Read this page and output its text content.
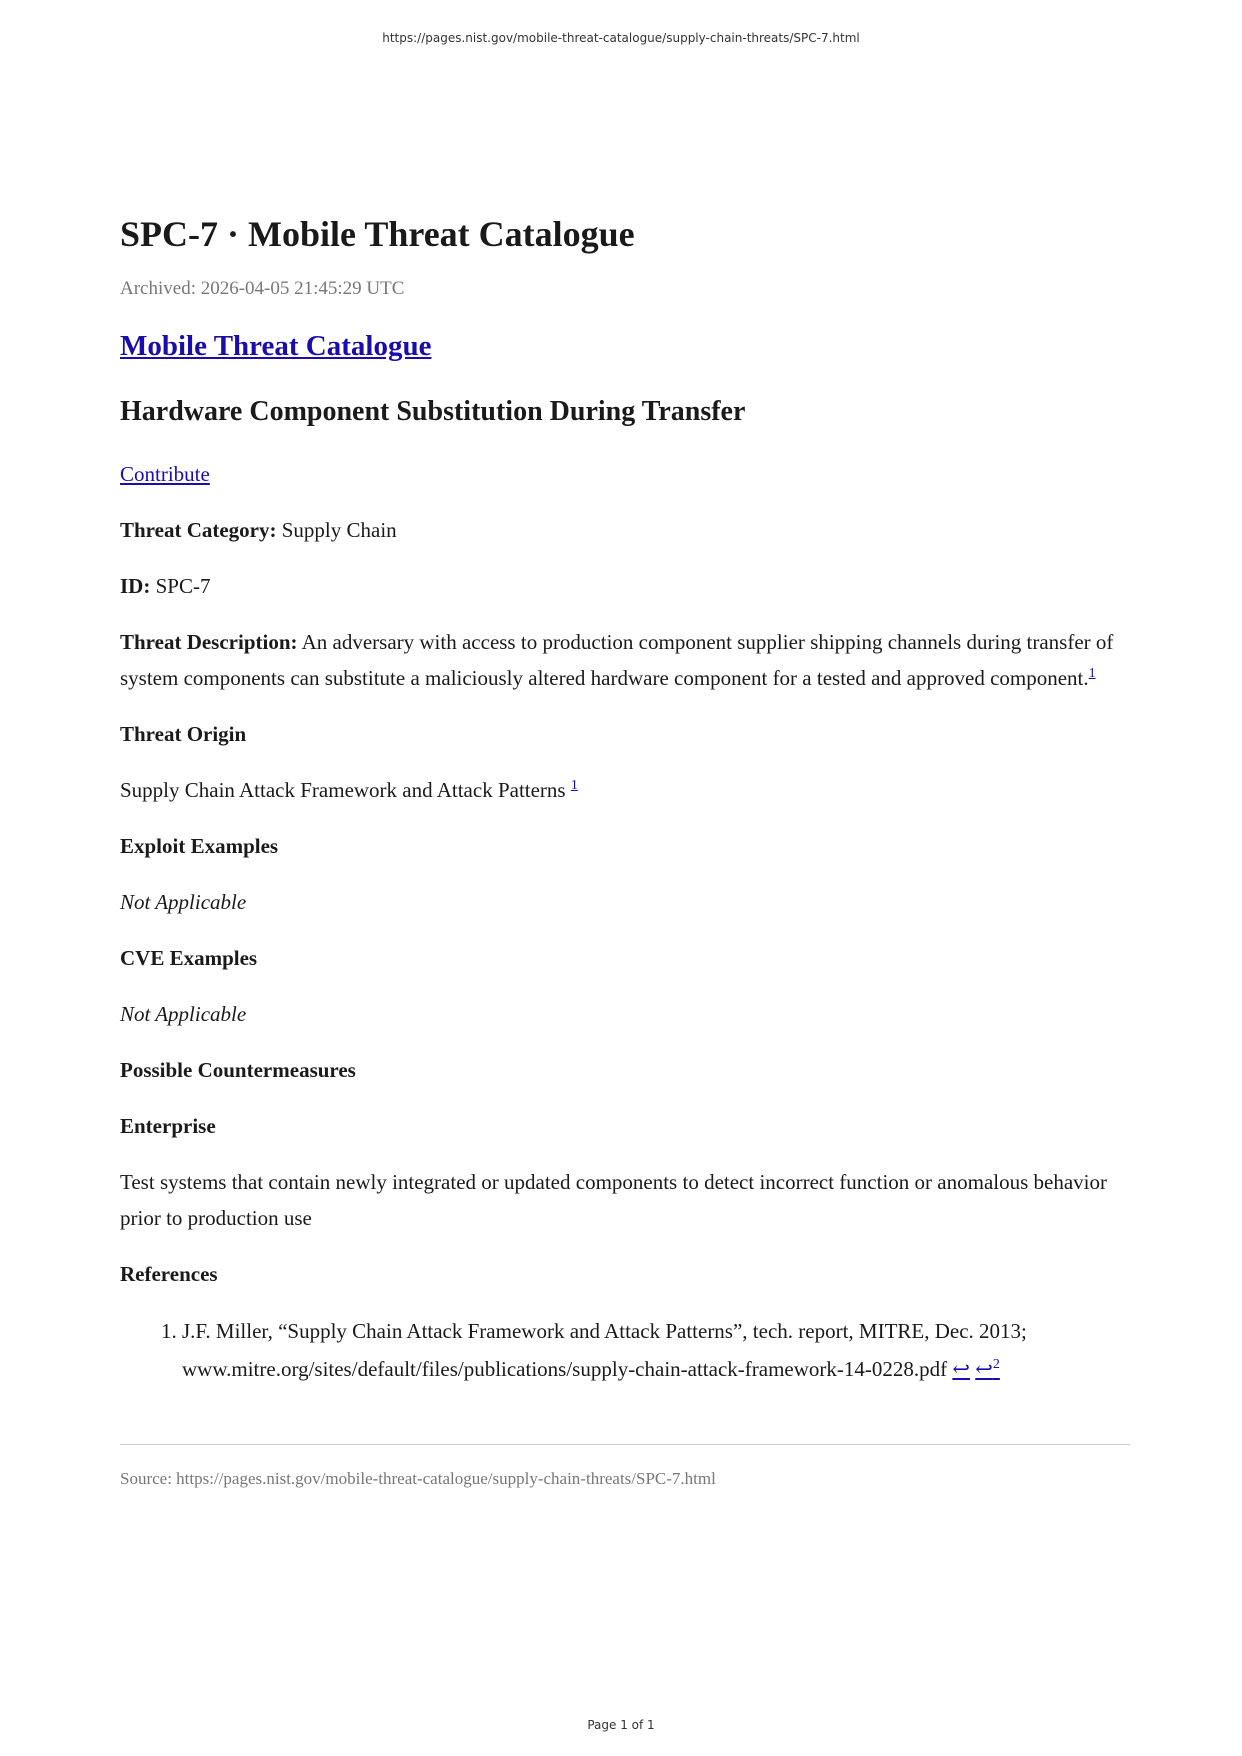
https://pages.nist.gov/mobile-threat-catalogue/supply-chain-threats/SPC-7.html
SPC-7 · Mobile Threat Catalogue
Archived: 2026-04-05 21:45:29 UTC
Mobile Threat Catalogue
Hardware Component Substitution During Transfer

Contribute

Threat Category: Supply Chain

ID: SPC-7

Threat Description: An adversary with access to production component supplier shipping channels during transfer of system components can substitute a maliciously altered hardware component for a tested and approved component.$^1$

Threat Origin

Supply Chain Attack Framework and Attack Patterns $^1$

Exploit Examples

Not Applicable

CVE Examples

Not Applicable

Possible Countermeasures
Enterprise

Test systems that contain newly integrated or updated components to detect incorrect function or anomalous behavior prior to production use

References
1. J.F. Miller, “Supply Chain Attack Framework and Attack Patterns”, tech. report, MITRE, Dec. 2013; www.mitre.org/sites/default/files/publications/supply-chain-attack-framework-14-0228.pdf ↩ ↩$^2$
Source: https://pages.nist.gov/mobile-threat-catalogue/supply-chain-threats/SPC-7.html
Page 1 of 1
